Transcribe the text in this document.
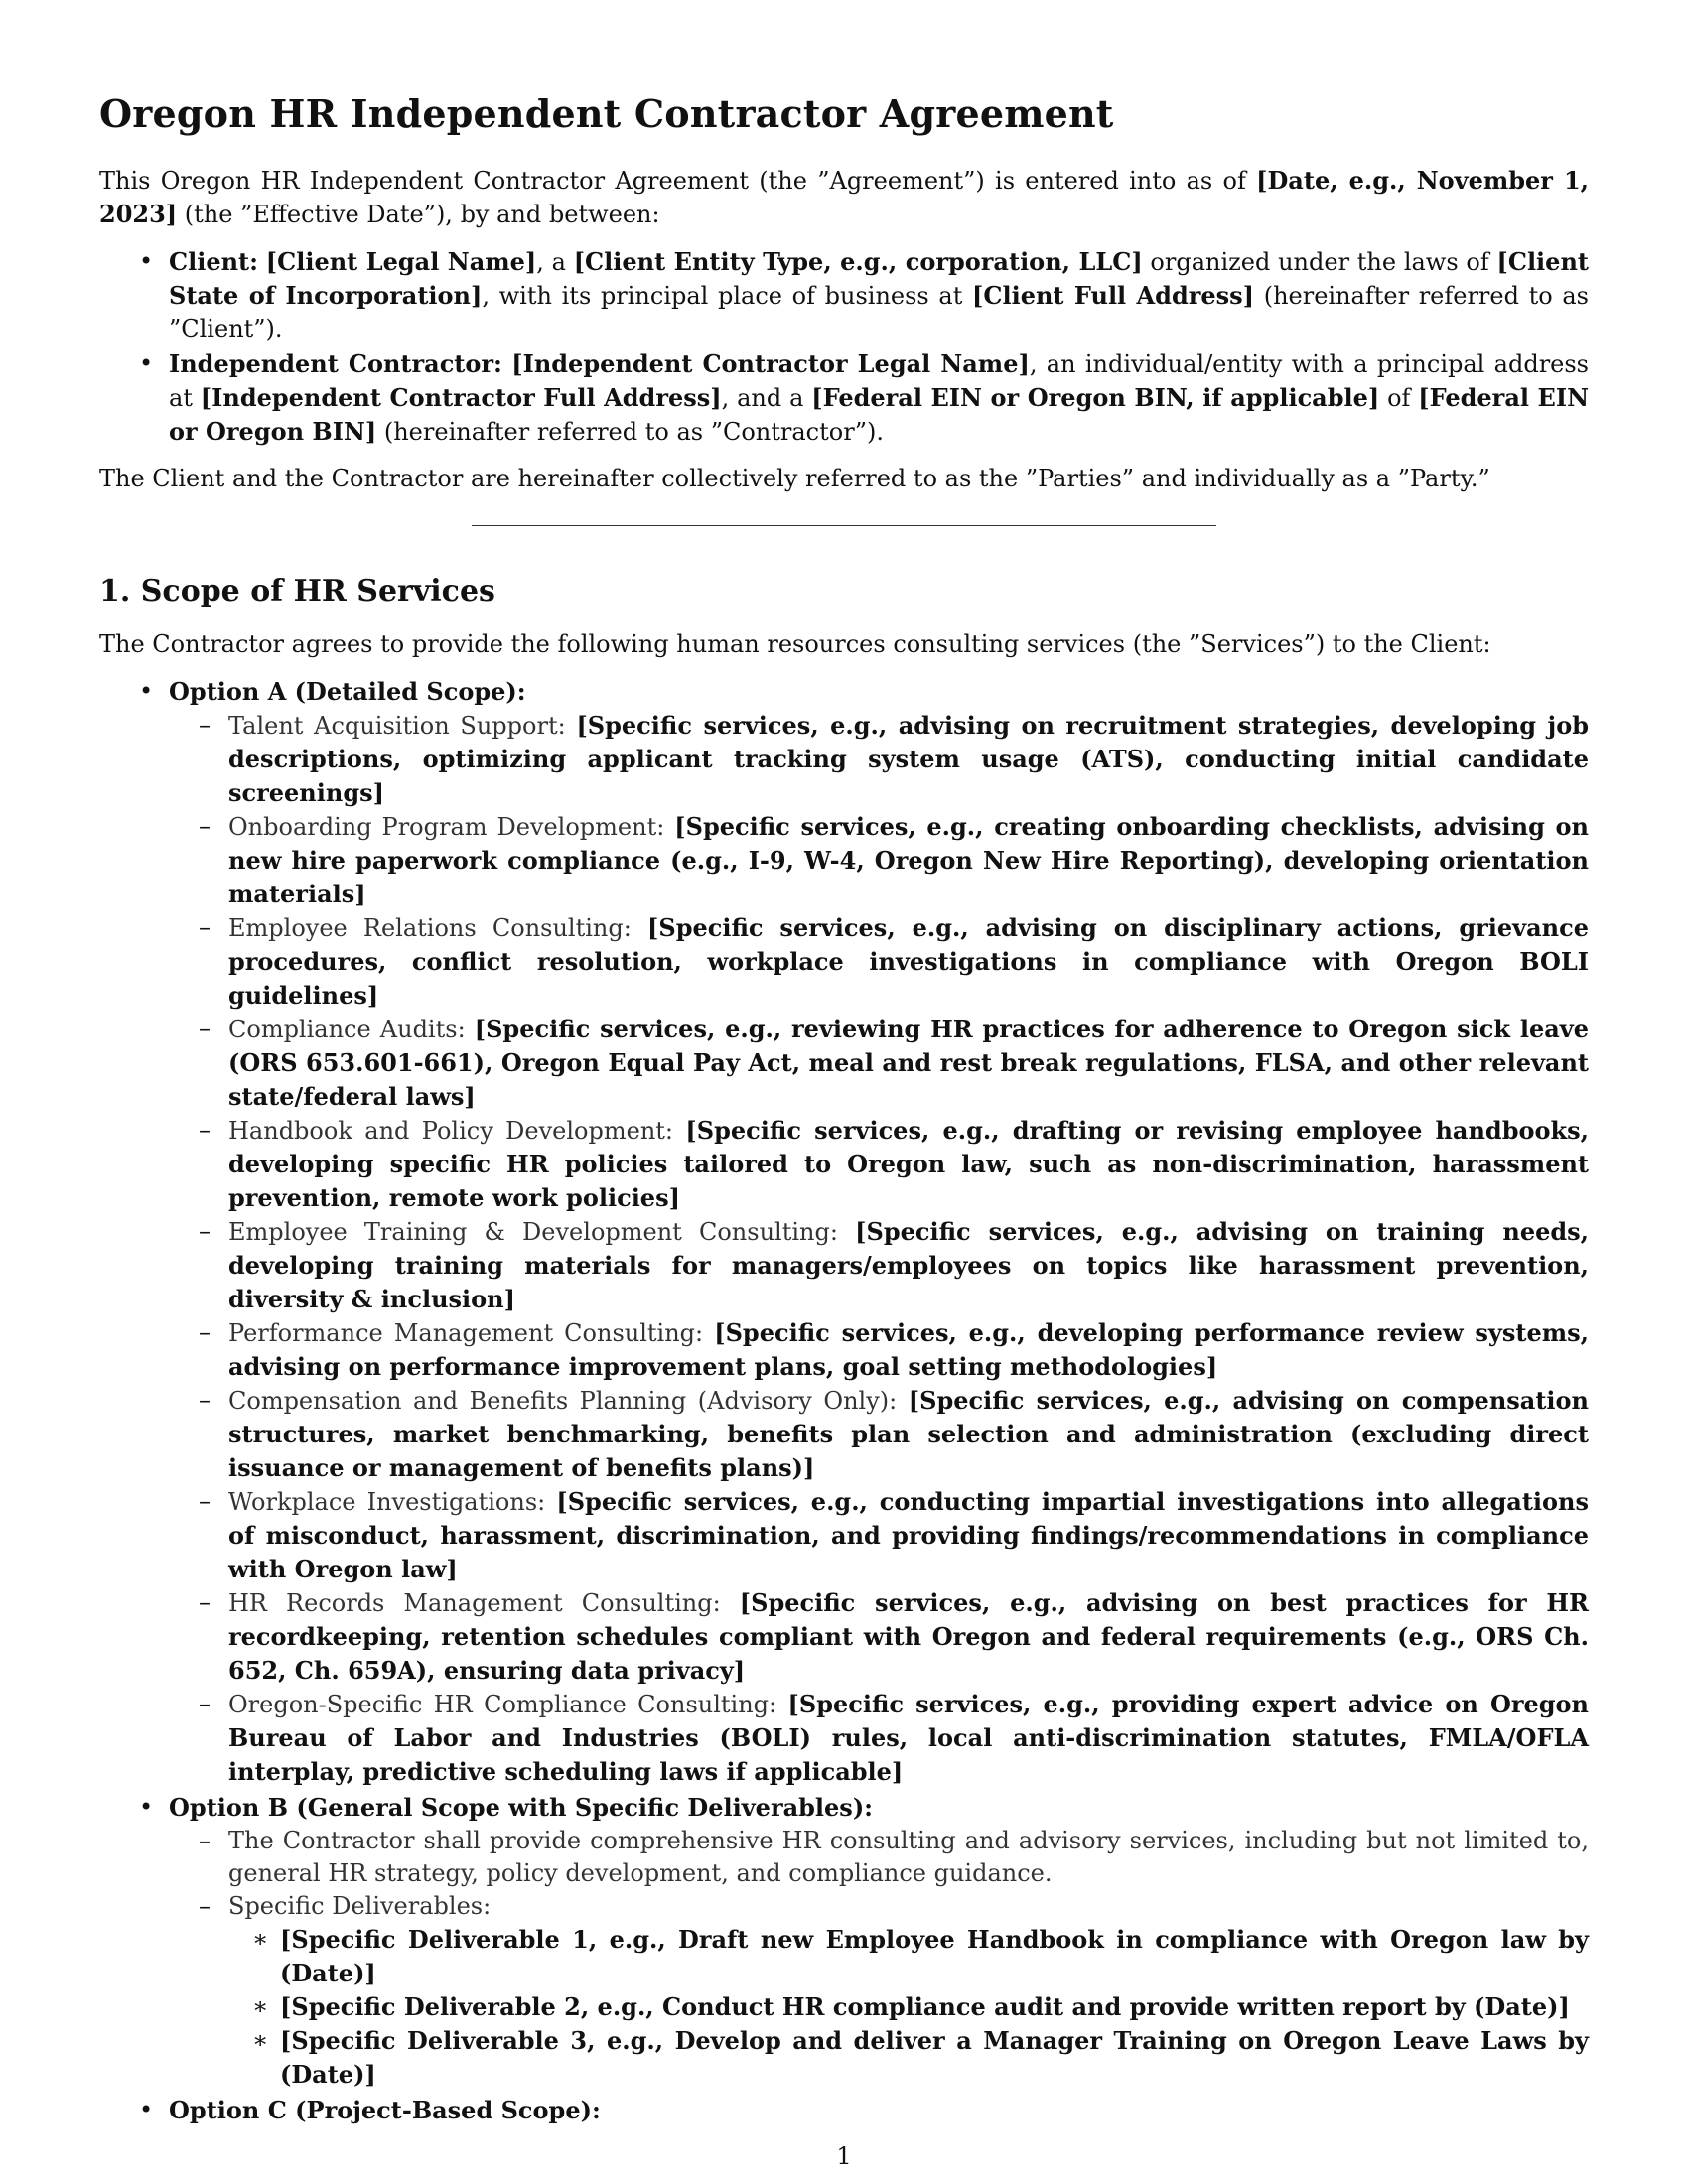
Oregon HR Independent Contractor Agreement

This Oregon HR Independent Contractor Agreement (the ”Agreement”) is entered into as of [Date, e.g., November 1, 2023] (the ”Effective Date”), by and between:

• Client: [Client Legal Name], a [Client Entity Type, e.g., corporation, LLC] organized under the laws of [Client State of Incorporation], with its principal place of business at [Client Full Address] (hereinafter referred to as ”Client”).
• Independent Contractor: [Independent Contractor Legal Name], an individual/entity with a principal address at [Independent Contractor Full Address], and a [Federal EIN or Oregon BIN, if applicable] of [Federal EIN or Oregon BIN] (hereinafter referred to as ”Contractor”).

The Client and the Contractor are hereinafter collectively referred to as the ”Parties” and individually as a ”Party.”

1. Scope of HR Services

The Contractor agrees to provide the following human resources consulting services (the ”Services”) to the Client:

• Option A (Detailed Scope):
– Talent Acquisition Support: [Specific services, e.g., advising on recruitment strategies, developing job descriptions, optimizing applicant tracking system usage (ATS), conducting initial candidate screenings]
– Onboarding Program Development: [Specific services, e.g., creating onboarding checklists, advising on new hire paperwork compliance (e.g., I-9, W-4, Oregon New Hire Reporting), developing orientation materials]
– Employee Relations Consulting: [Specific services, e.g., advising on disciplinary actions, grievance procedures, conflict resolution, workplace investigations in compliance with Oregon BOLI guidelines]
– Compliance Audits: [Specific services, e.g., reviewing HR practices for adherence to Oregon sick leave (ORS 653.601-661), Oregon Equal Pay Act, meal and rest break regulations, FLSA, and other relevant state/federal laws]
– Handbook and Policy Development: [Specific services, e.g., drafting or revising employee handbooks, developing specific HR policies tailored to Oregon law, such as non-discrimination, harassment prevention, remote work policies]
– Employee Training & Development Consulting: [Specific services, e.g., advising on training needs, developing training materials for managers/employees on topics like harassment prevention, diversity & inclusion]
– Performance Management Consulting: [Specific services, e.g., developing performance review systems, advising on performance improvement plans, goal setting methodologies]
– Compensation and Benefits Planning (Advisory Only): [Specific services, e.g., advising on compensation structures, market benchmarking, benefits plan selection and administration (excluding direct issuance or management of benefits plans)]
– Workplace Investigations: [Specific services, e.g., conducting impartial investigations into allegations of misconduct, harassment, discrimination, and providing findings/recommendations in compliance with Oregon law]
– HR Records Management Consulting: [Specific services, e.g., advising on best practices for HR recordkeeping, retention schedules compliant with Oregon and federal requirements (e.g., ORS Ch. 652, Ch. 659A), ensuring data privacy]
– Oregon-Specific HR Compliance Consulting: [Specific services, e.g., providing expert advice on Oregon Bureau of Labor and Industries (BOLI) rules, local anti-discrimination statutes, FMLA/OFLA interplay, predictive scheduling laws if applicable]
• Option B (General Scope with Specific Deliverables):
– The Contractor shall provide comprehensive HR consulting and advisory services, including but not limited to, general HR strategy, policy development, and compliance guidance.
– Specific Deliverables:
∗ [Specific Deliverable 1, e.g., Draft new Employee Handbook in compliance with Oregon law by (Date)]
∗ [Specific Deliverable 2, e.g., Conduct HR compliance audit and provide written report by (Date)]
∗ [Specific Deliverable 3, e.g., Develop and deliver a Manager Training on Oregon Leave Laws by (Date)]
• Option C (Project-Based Scope):
1
